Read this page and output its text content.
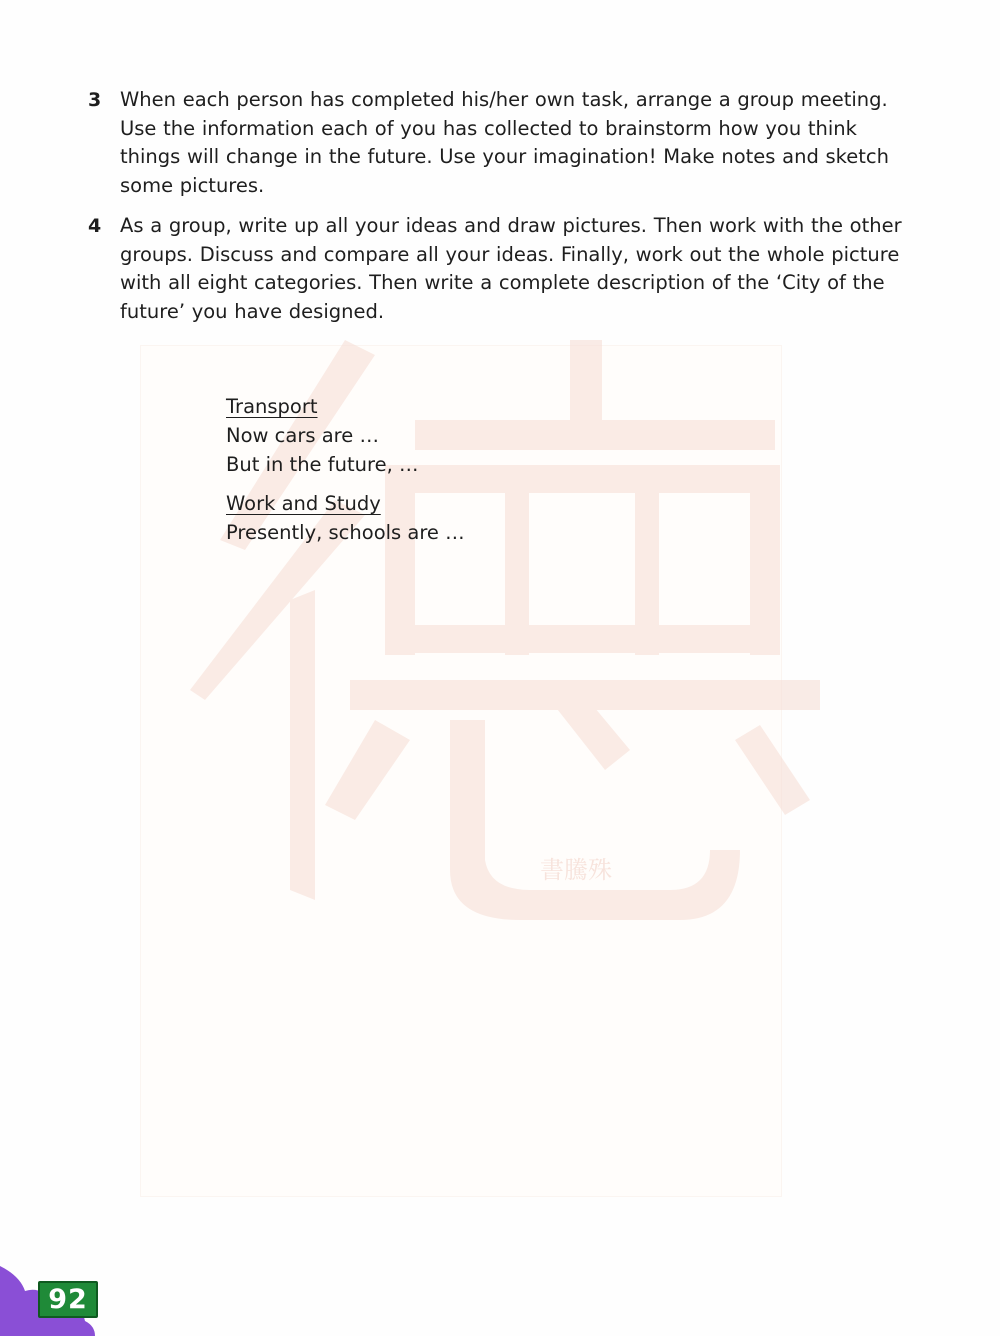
書騰殊
3 When each person has completed his/her own task, arrange a group meeting. Use the information each of you has collected to brainstorm how you think things will change in the future. Use your imagination! Make notes and sketch some pictures.
4 As a group, write up all your ideas and draw pictures. Then work with the other groups. Discuss and compare all your ideas. Finally, work out the whole picture with all eight categories. Then write a complete description of the ‘City of the future’ you have designed.
Transport
Now cars are …
But in the future, …
Work and Study
Presently, schools are …
92
